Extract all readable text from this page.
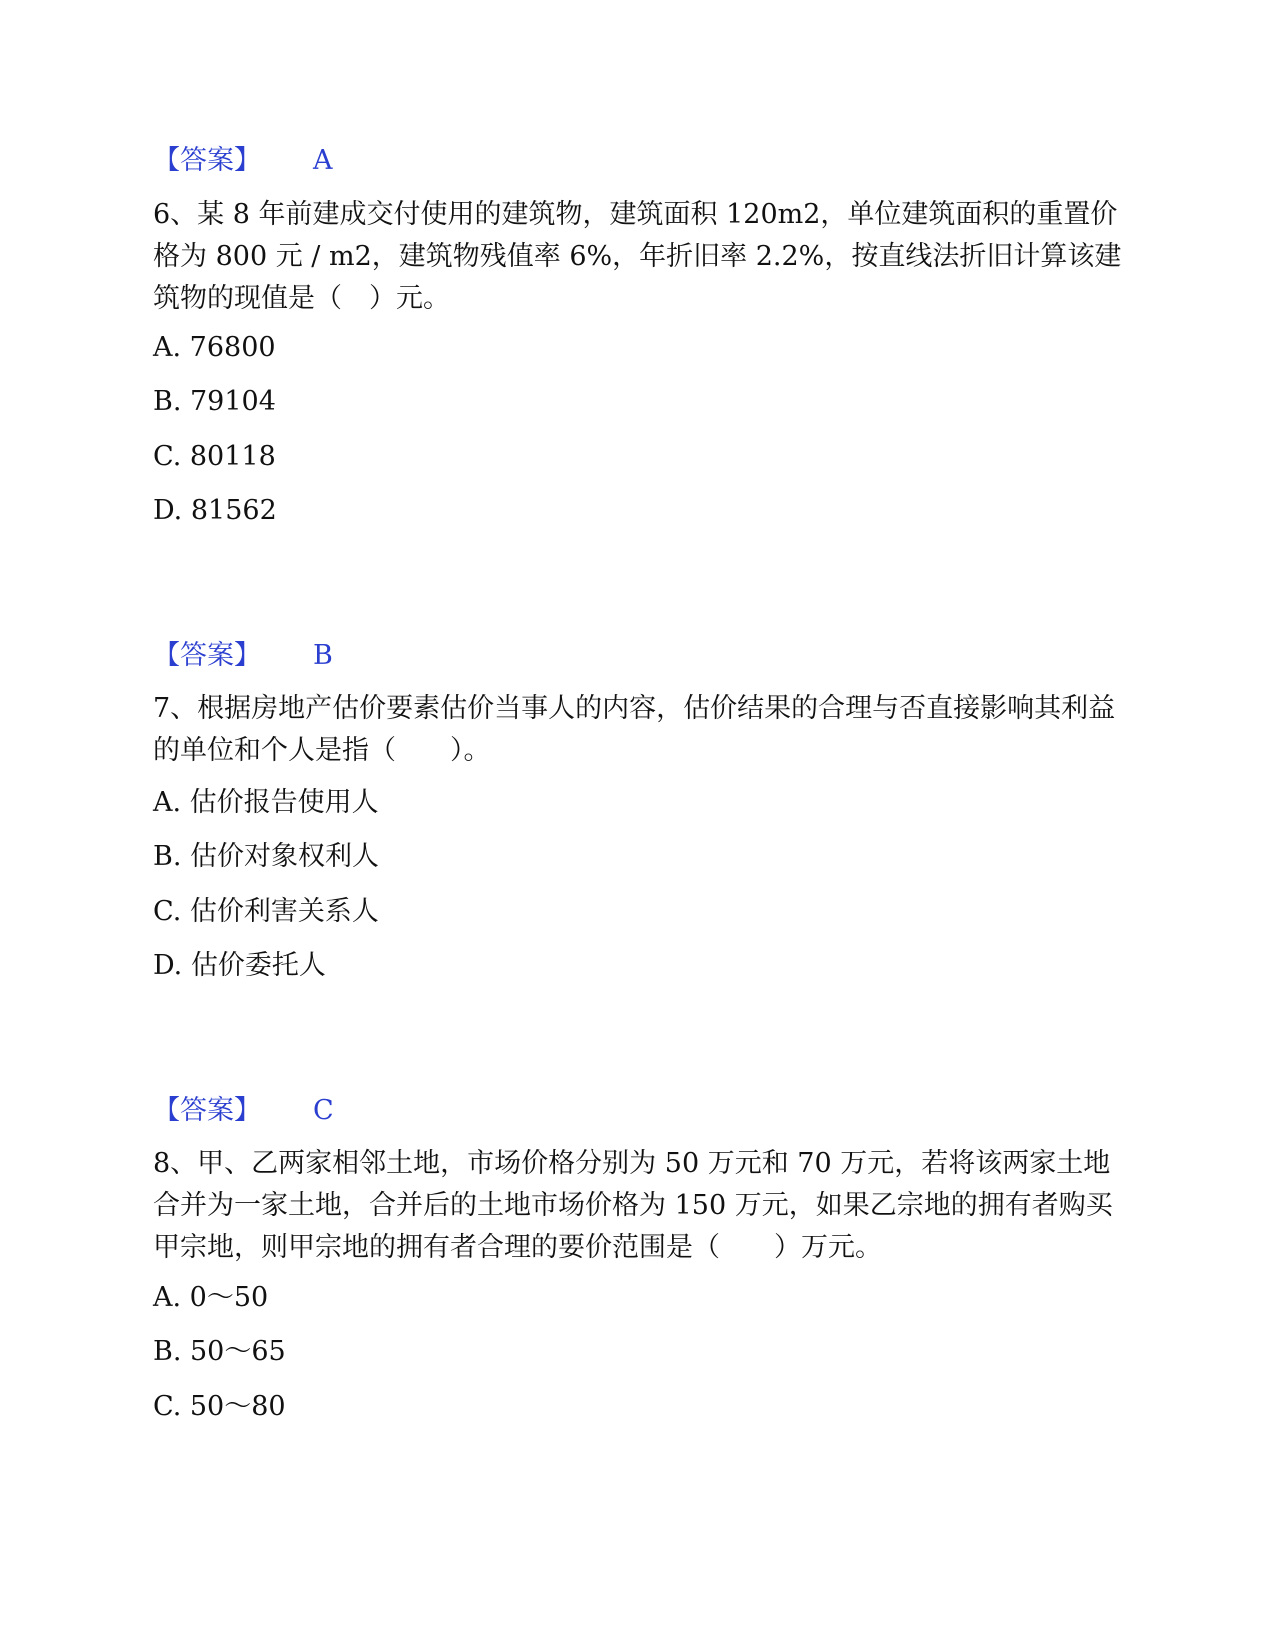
【答案】 A
6、某 8 年前建成交付使用的建筑物，建筑面积 120m2，单位建筑面积的重置价格为 800 元 / m2，建筑物残值率 6%，年折旧率 2.2%，按直线法折旧计算该建筑物的现值是（　）元。
A. 76800
B. 79104
C. 80118
D. 81562
【答案】 B
7、根据房地产估价要素估价当事人的内容，估价结果的合理与否直接影响其利益的单位和个人是指（　　）。
A. 估价报告使用人
B. 估价对象权利人
C. 估价利害关系人
D. 估价委托人
【答案】 C
8、甲、乙两家相邻土地，市场价格分别为 50 万元和 70 万元，若将该两家土地合并为一家土地，合并后的土地市场价格为 150 万元，如果乙宗地的拥有者购买甲宗地，则甲宗地的拥有者合理的要价范围是（　　）万元。
A. 0～50
B. 50～65
C. 50～80
